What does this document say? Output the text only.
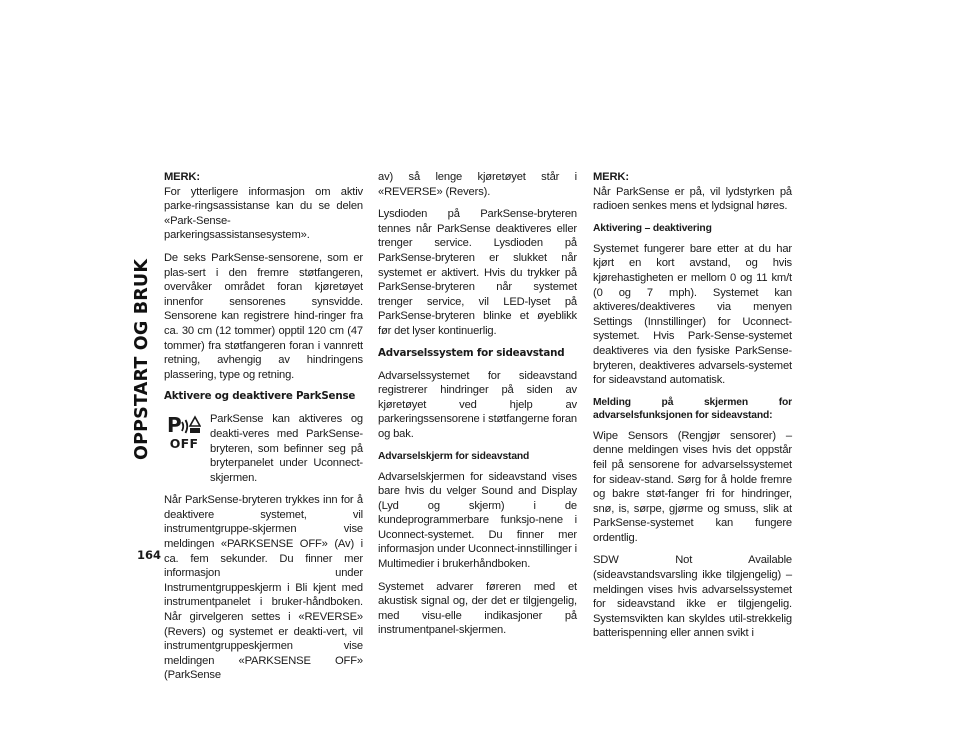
OPPSTART OG BRUK

MERK:
For ytterligere informasjon om aktiv parke-ringsassistanse kan du se delen «Park-Sense-parkeringsassistansesystem».

De seks ParkSense-sensorene, som er plas-sert i den fremre støtfangeren, overvåker området foran kjøretøyet innenfor sensorenes synsvidde. Sensorene kan registrere hind-ringer fra ca. 30 cm (12 tommer) opptil 120 cm (47 tommer) fra støtfangeren foran i vannrett retning, avhengig av hindringens plassering, type og retning.

Aktivere og deaktivere ParkSense
P
OFF
ParkSense kan aktiveres og deakti-veres med ParkSense-bryteren, som befinner seg på bryterpanelet under Uconnect-skjermen.

Når ParkSense-bryteren trykkes inn for å deaktivere systemet, vil instrumentgruppe-skjermen vise meldingen «PARKSENSE OFF» (Av) i ca. fem sekunder. Du finner mer informasjon under Instrumentgruppeskjerm i Bli kjent med instrumentpanelet i bruker-håndboken. Når girvelgeren settes i «REVERSE» (Revers) og systemet er deakti-vert, vil instrumentgruppeskjermen vise meldingen «PARKSENSE OFF» (ParkSense

av) så lenge kjøretøyet står i «REVERSE» (Revers).

Lysdioden på ParkSense-bryteren tennes når ParkSense deaktiveres eller trenger service. Lysdioden på ParkSense-bryteren er slukket når systemet er aktivert. Hvis du trykker på ParkSense-bryteren når systemet trenger service, vil LED-lyset på ParkSense-bryteren blinke et øyeblikk før det lyser kontinuerlig.

Advarselssystem for sideavstand

Advarselssystemet for sideavstand registrerer hindringer på siden av kjøretøyet ved hjelp av parkeringssensorene i støtfangerne foran og bak.

Advarselskjerm for sideavstand

Advarselskjermen for sideavstand vises bare hvis du velger Sound and Display (Lyd og skjerm) i de kundeprogrammerbare funksjo-nene i Uconnect-systemet. Du finner mer informasjon under Uconnect-innstillinger i Multimedier i brukerhåndboken.

Systemet advarer føreren med et akustisk signal og, der det er tilgjengelig, med visu-elle indikasjoner på instrumentpanel-skjermen.

MERK:
Når ParkSense er på, vil lydstyrken på radioen senkes mens et lydsignal høres.

Aktivering – deaktivering

Systemet fungerer bare etter at du har kjørt en kort avstand, og hvis kjørehastigheten er mellom 0 og 11 km/t (0 og 7 mph). Systemet kan aktiveres/deaktiveres via menyen Settings (Innstillinger) for Uconnect-systemet. Hvis Park-Sense-systemet deaktiveres via den fysiske ParkSense-bryteren, deaktiveres advarsels-systemet for sideavstand automatisk.

Melding på skjermen for advarselsfunksjonen for sideavstand:

Wipe Sensors (Rengjør sensorer) – denne meldingen vises hvis det oppstår feil på sensorene for advarselssystemet for sideav-stand. Sørg for å holde fremre og bakre støt-fanger fri for hindringer, snø, is, sørpe, gjørme og smuss, slik at ParkSense-systemet kan fungere ordentlig.

SDW Not Available (sideavstandsvarsling ikke tilgjengelig) – meldingen vises hvis advarselssystemet for sideavstand ikke er tilgjengelig. Systemsvikten kan skyldes util-strekkelig batterispenning eller annen svikt i

164
